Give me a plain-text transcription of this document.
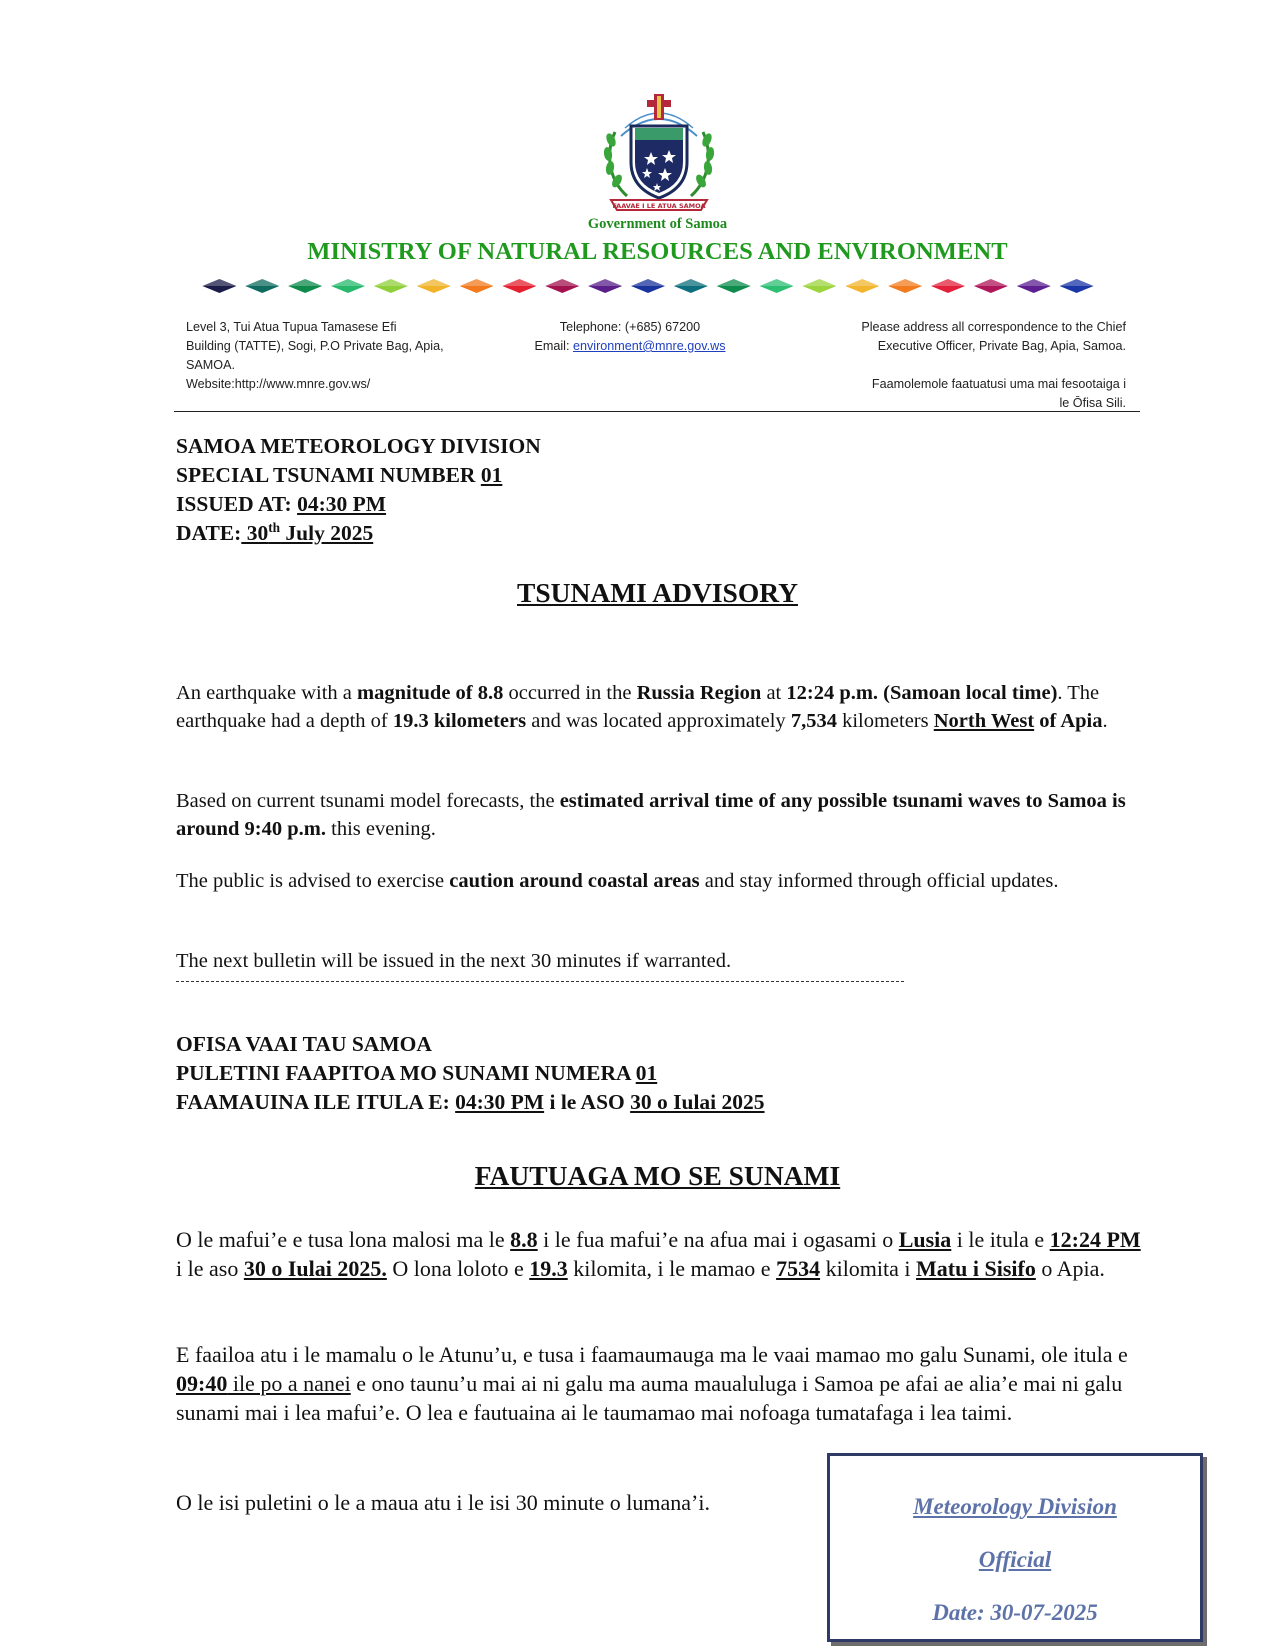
FAAVAE I LE ATUA SAMOA
Government of Samoa
MINISTRY OF NATURAL RESOURCES AND ENVIRONMENT
Level 3, Tui Atua Tupua Tamasese Efi
Building (TATTE), Sogi, P.O Private Bag, Apia,
SAMOA.
Website:http://www.mnre.gov.ws/
Telephone: (+685) 67200
Email: environment@mnre.gov.ws
Please address all correspondence to the Chief
Executive Officer, Private Bag, Apia, Samoa.
Faamolemole faatuatusi uma mai fesootaiga i
le Ōfisa Sili.
SAMOA METEOROLOGY DIVISION
SPECIAL TSUNAMI NUMBER 01
ISSUED AT: 04:30 PM
DATE: 30th July 2025
TSUNAMI ADVISORY
An earthquake with a magnitude of 8.8 occurred in the Russia Region at 12:24 p.m. (Samoan local time). The earthquake had a depth of 19.3 kilometers and was located approximately 7,534 kilometers North West of Apia.
Based on current tsunami model forecasts, the estimated arrival time of any possible tsunami waves to Samoa is around 9:40 p.m. this evening.
The public is advised to exercise caution around coastal areas and stay informed through official updates.
The next bulletin will be issued in the next 30 minutes if warranted.
OFISA VAAI TAU SAMOA
PULETINI FAAPITOA MO SUNAMI NUMERA 01
FAAMAUINA ILE ITULA E: 04:30 PM i le ASO 30 o Iulai 2025
FAUTUAGA MO SE SUNAMI
O le mafui’e e tusa lona malosi ma le 8.8 i le fua mafui’e na afua mai i ogasami o Lusia i le itula e 12:24 PM i le aso 30 o Iulai 2025. O lona loloto e 19.3 kilomita, i le mamao e 7534 kilomita i Matu i Sisifo o Apia.
E faailoa atu i le mamalu o le Atunu’u, e tusa i faamaumauga ma le vaai mamao mo galu Sunami, ole itula e 09:40 ile po a nanei e ono taunu’u mai ai ni galu ma auma maualuluga i Samoa pe afai ae alia’e mai ni galu sunami mai i lea mafui’e. O lea e fautuaina ai le taumamao mai nofoaga tumatafaga i lea taimi.
O le isi puletini o le a maua atu i le isi 30 minute o lumana’i.	Meteorology Division
Official
Date: 30-07-2025
